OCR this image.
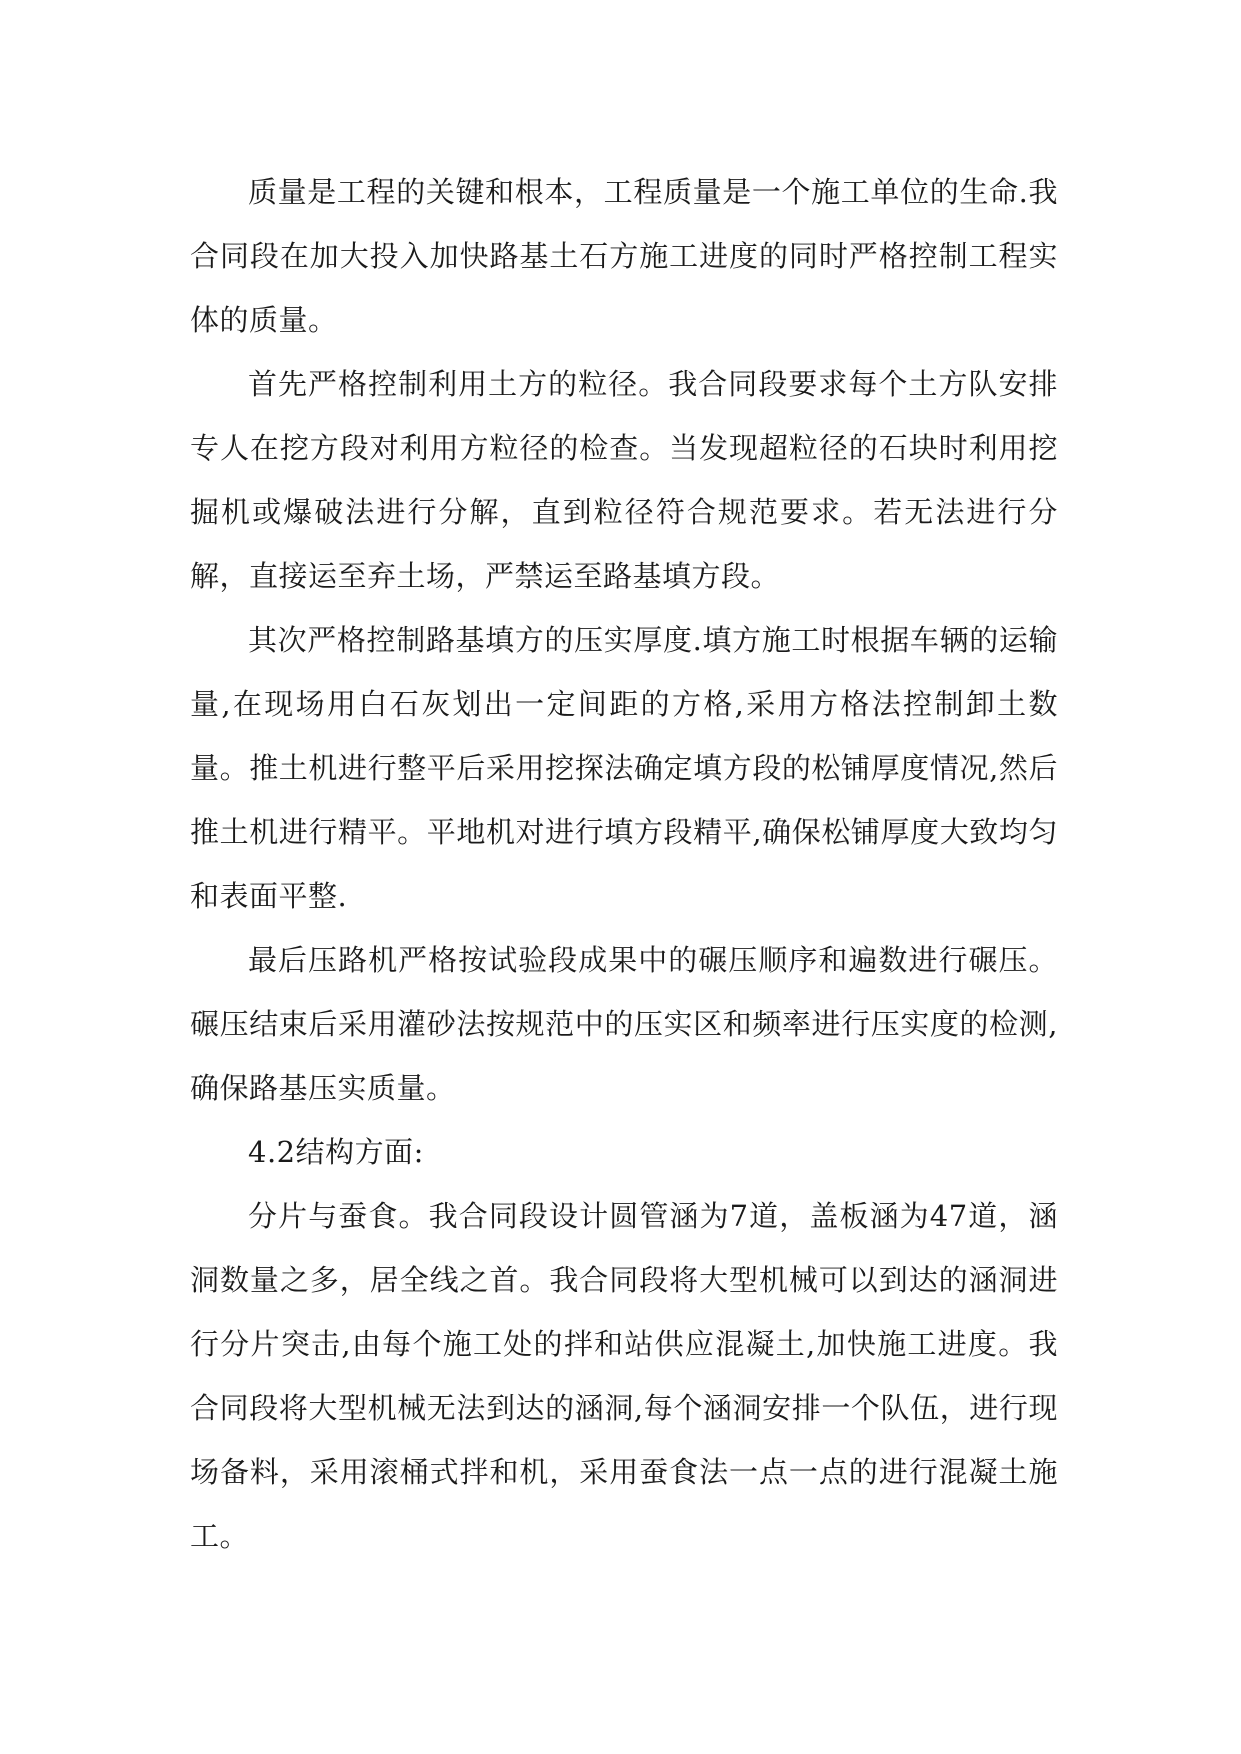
质量是工程的关键和根本，工程质量是一个施工单位的生命.我合同段在加大投入加快路基土石方施工进度的同时严格控制工程实体的质量。

首先严格控制利用土方的粒径。我合同段要求每个土方队安排专人在挖方段对利用方粒径的检查。当发现超粒径的石块时利用挖掘机或爆破法进行分解，直到粒径符合规范要求。若无法进行分解，直接运至弃土场，严禁运至路基填方段。

其次严格控制路基填方的压实厚度.填方施工时根据车辆的运输量,在现场用白石灰划出一定间距的方格,采用方格法控制卸土数量。推土机进行整平后采用挖探法确定填方段的松铺厚度情况,然后推土机进行精平。平地机对进行填方段精平,确保松铺厚度大致均匀和表面平整.

最后压路机严格按试验段成果中的碾压顺序和遍数进行碾压。碾压结束后采用灌砂法按规范中的压实区和频率进行压实度的检测,确保路基压实质量。

4.2结构方面:

分片与蚕食。我合同段设计圆管涵为7道，盖板涵为47道，涵洞数量之多，居全线之首。我合同段将大型机械可以到达的涵洞进行分片突击,由每个施工处的拌和站供应混凝土,加快施工进度。我合同段将大型机械无法到达的涵洞,每个涵洞安排一个队伍，进行现场备料，采用滚桶式拌和机，采用蚕食法一点一点的进行混凝土施工。
